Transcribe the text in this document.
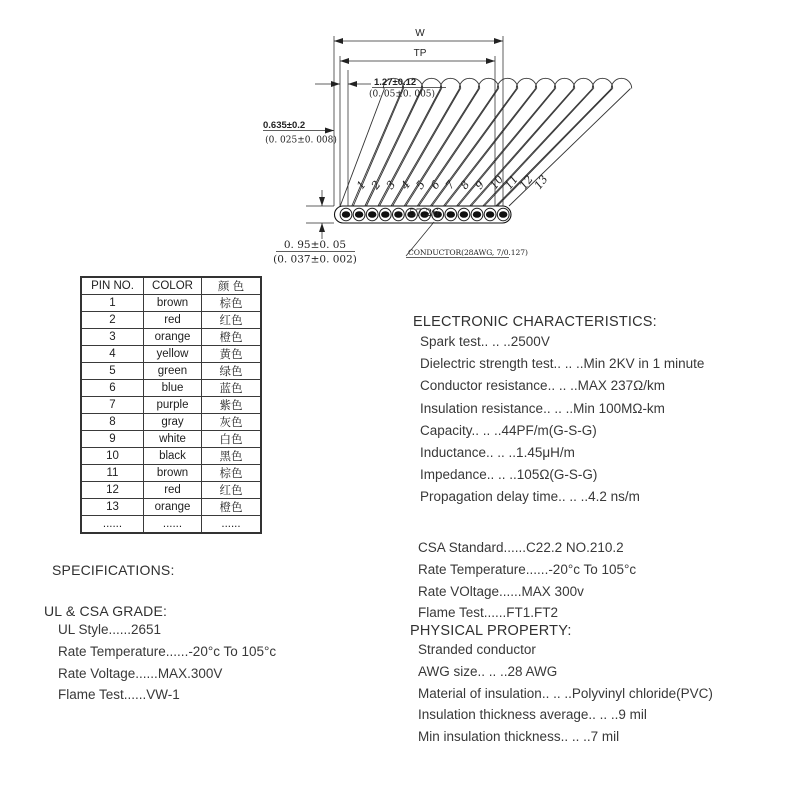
1 2 3 4 5 6 7 8 9 10
11
12
13
W
TP
1.27±0.12
(0. 05±0. 005)
0.635±0.2
(0. 025±0. 008)
0. 95±0. 05
(0. 037±0. 002)
57.26
CONDUCTOR(28AWG, 7/0.127)
PIN NO.	COLOR	颜 色
1	brown	棕色
2	red	红色
3	orange	橙色
4	yellow	黄色
5	green	绿色
6	blue	蓝色
7	purple	紫色
8	gray	灰色
9	white	白色
10	black	黑色
11	brown	棕色
12	red	红色
13	orange	橙色
......	......	......
SPECIFICATIONS:
UL & CSA GRADE:
UL Style......2651
Rate Temperature......-20°c To 105°c
Rate Voltage......MAX.300V
Flame Test......VW-1
ELECTRONIC CHARACTERISTICS:
Spark test.. .. ..2500V
Dielectric strength test.. .. ..Min 2KV in 1 minute
Conductor resistance.. .. ..MAX 237Ω/km
Insulation resistance.. .. ..Min 100MΩ-km
Capacity.. .. ..44PF/m(G-S-G)
Inductance.. .. ..1.45μH/m
Impedance.. .. ..105Ω(G-S-G)
Propagation delay time.. .. ..4.2 ns/m
CSA Standard......C22.2 NO.210.2
Rate Temperature......-20°c To 105°c
Rate VOltage......MAX 300v
Flame Test......FT1.FT2
PHYSICAL PROPERTY:
Stranded conductor
AWG size.. .. ..28 AWG
Material of insulation.. .. ..Polyvinyl chloride(PVC)
Insulation thickness average.. .. ..9 mil
Min insulation thickness.. .. ..7 mil
